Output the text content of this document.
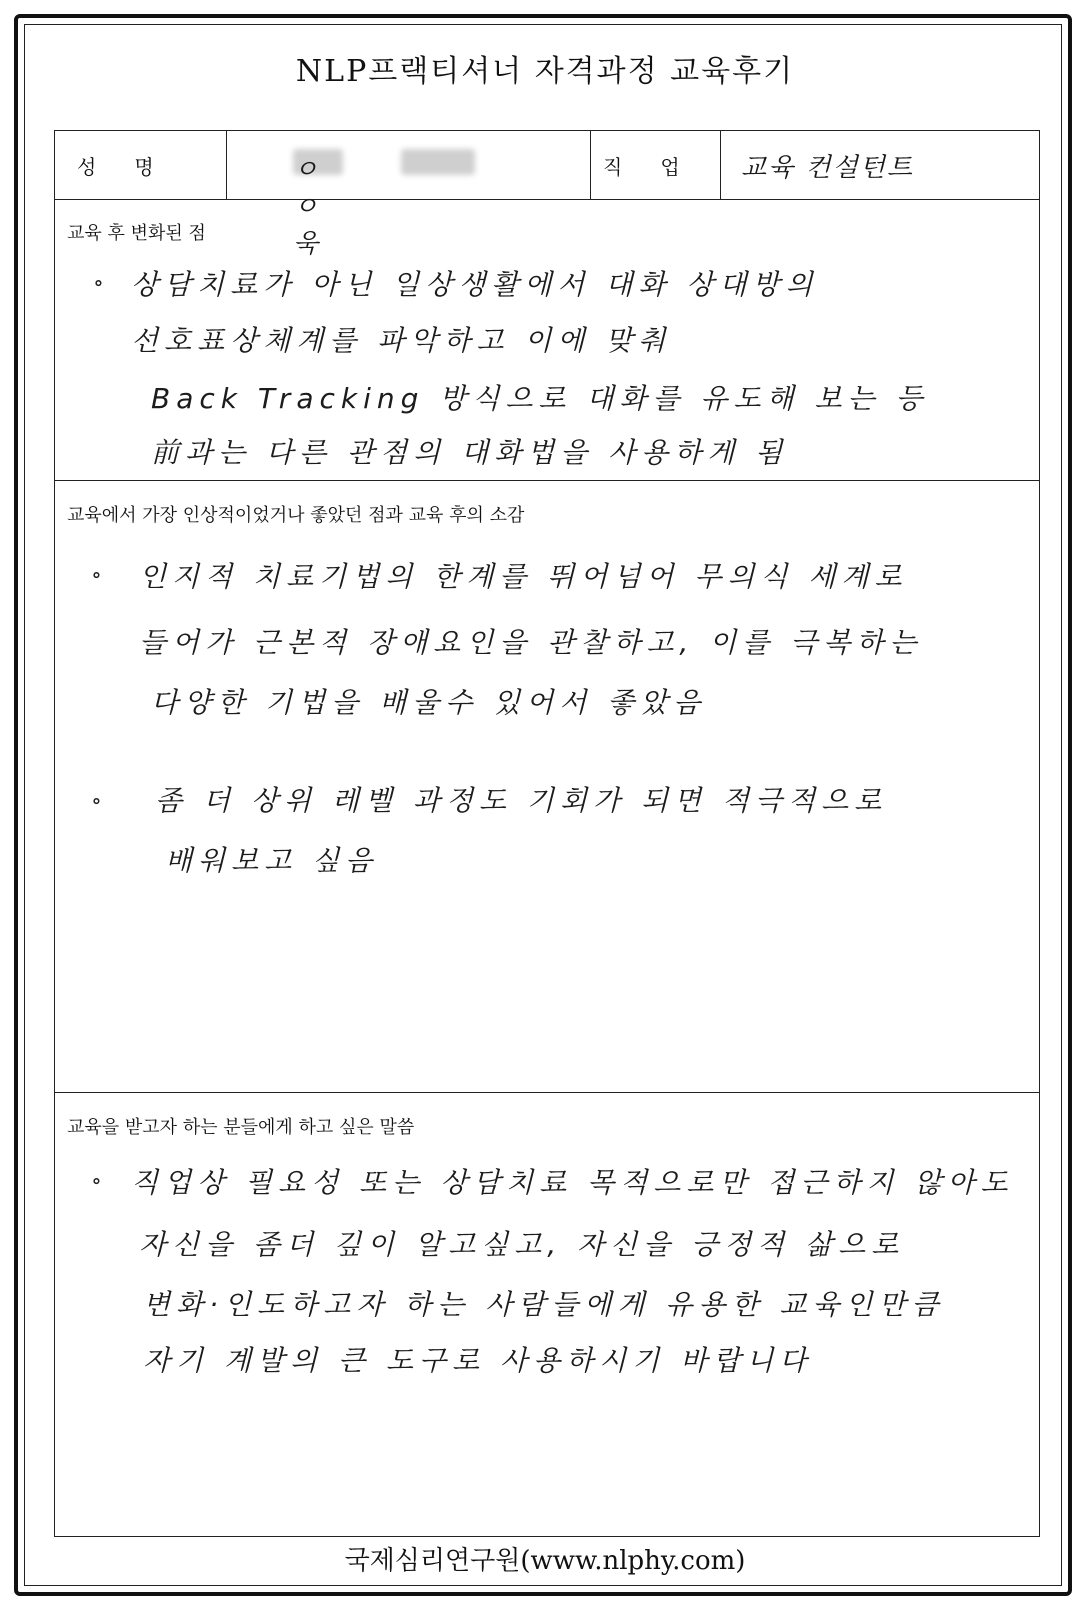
NLP프랙티셔너 자격과정 교육후기
성명	ㅇ ㅇ 욱
직업 교육 컨설턴트
교육 후 변화된 점
∘ 상담치료가 아닌 일상생활에서 대화 상대방의
선호표상체계를 파악하고 이에 맞춰
Back Tracking 방식으로 대화를 유도해 보는 등
前과는 다른 관점의 대화법을 사용하게 됨
교육에서 가장 인상적이었거나 좋았던 점과 교육 후의 소감
∘ 인지적 치료기법의 한계를 뛰어넘어 무의식 세계로
들어가 근본적 장애요인을 관찰하고, 이를 극복하는
다양한 기법을 배울수 있어서 좋았음
∘ 좀 더 상위 레벨 과정도 기회가 되면 적극적으로
배워보고 싶음
교육을 받고자 하는 분들에게 하고 싶은 말씀
∘ 직업상 필요성 또는 상담치료 목적으로만 접근하지 않아도
자신을 좀더 깊이 알고싶고, 자신을 긍정적 삶으로
변화·인도하고자 하는 사람들에게 유용한 교육인만큼
자기 계발의 큰 도구로 사용하시기 바랍니다
국제심리연구원(www.nlphy.com)
